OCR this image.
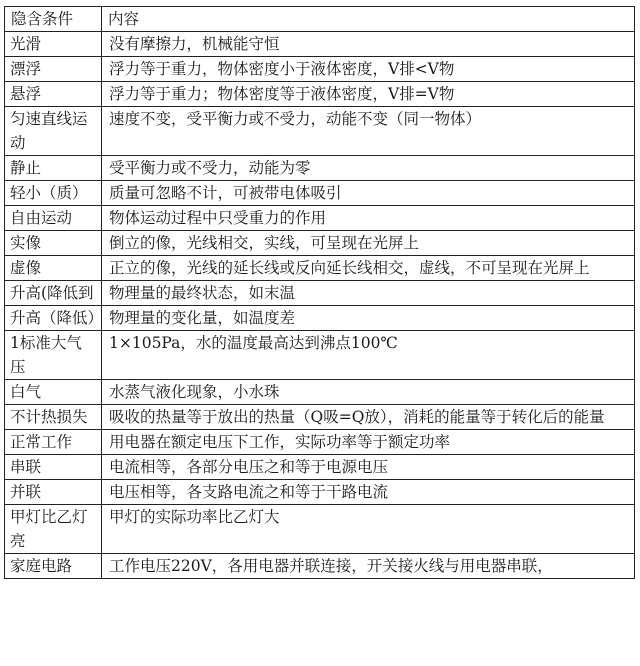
隐含条件	内容
光滑	没有摩擦力，机械能守恒
漂浮	浮力等于重力，物体密度小于液体密度，V排<V物
悬浮	浮力等于重力；物体密度等于液体密度，V排=V物
匀速直线运动	速度不变，受平衡力或不受力，动能不变（同一物体）
静止	受平衡力或不受力，动能为零
轻小（质）	质量可忽略不计，可被带电体吸引
自由运动	物体运动过程中只受重力的作用
实像	倒立的像，光线相交，实线，可呈现在光屏上
虚像	正立的像，光线的延长线或反向延长线相交，虚线，不可呈现在光屏上
升高(降低到	物理量的最终状态，如末温
升高（降低）	物理量的变化量，如温度差
1标准大气压	1×105Pa，水的温度最高达到沸点100℃
白气	水蒸气液化现象，小水珠
不计热损失	吸收的热量等于放出的热量（Q吸=Q放），消耗的能量等于转化后的能量
正常工作	用电器在额定电压下工作，实际功率等于额定功率
串联	电流相等，各部分电压之和等于电源电压
并联	电压相等，各支路电流之和等于干路电流
甲灯比乙灯亮	甲灯的实际功率比乙灯大
家庭电路	工作电压220V，各用电器并联连接，开关接火线与用电器串联，
